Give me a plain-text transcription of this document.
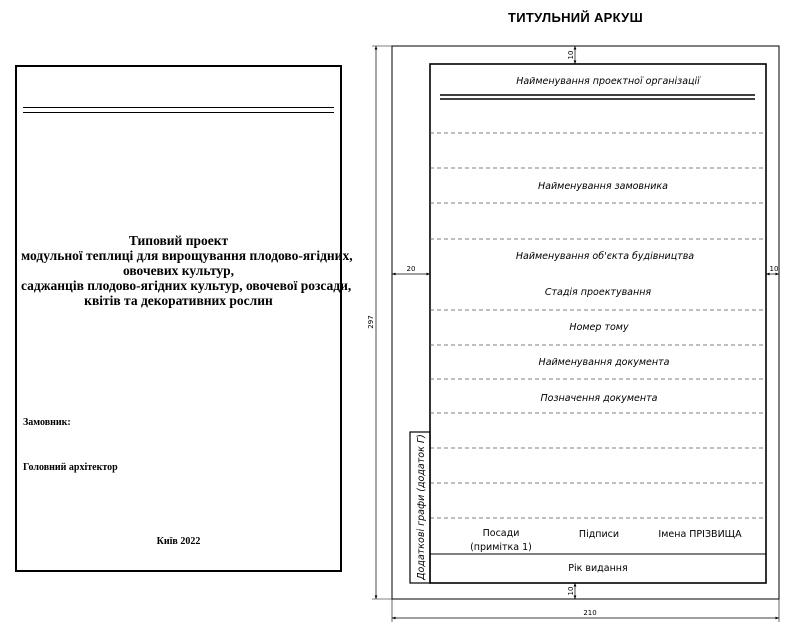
Типовий проект
модульної теплиці для вирощування плодово-ягідних,
овочевих культур,
саджанців плодово-ягідних культур, овочевої розсади,
квітів та декоративних рослин
Замовник:
Головний архітектор
Київ 2022
ТИТУЛЬНИЙ АРКУШ
Додаткові графи (додаток Г)
Найменування проектної організації
Найменування замовника
Найменування об'єкта будівництва
Стадія проектування
Номер тому
Найменування документа
Позначення документа
Посади
(примітка 1)
Підписи	Імена ПРІЗВИЩА
Рік видання
10
10
20	10
297
210
